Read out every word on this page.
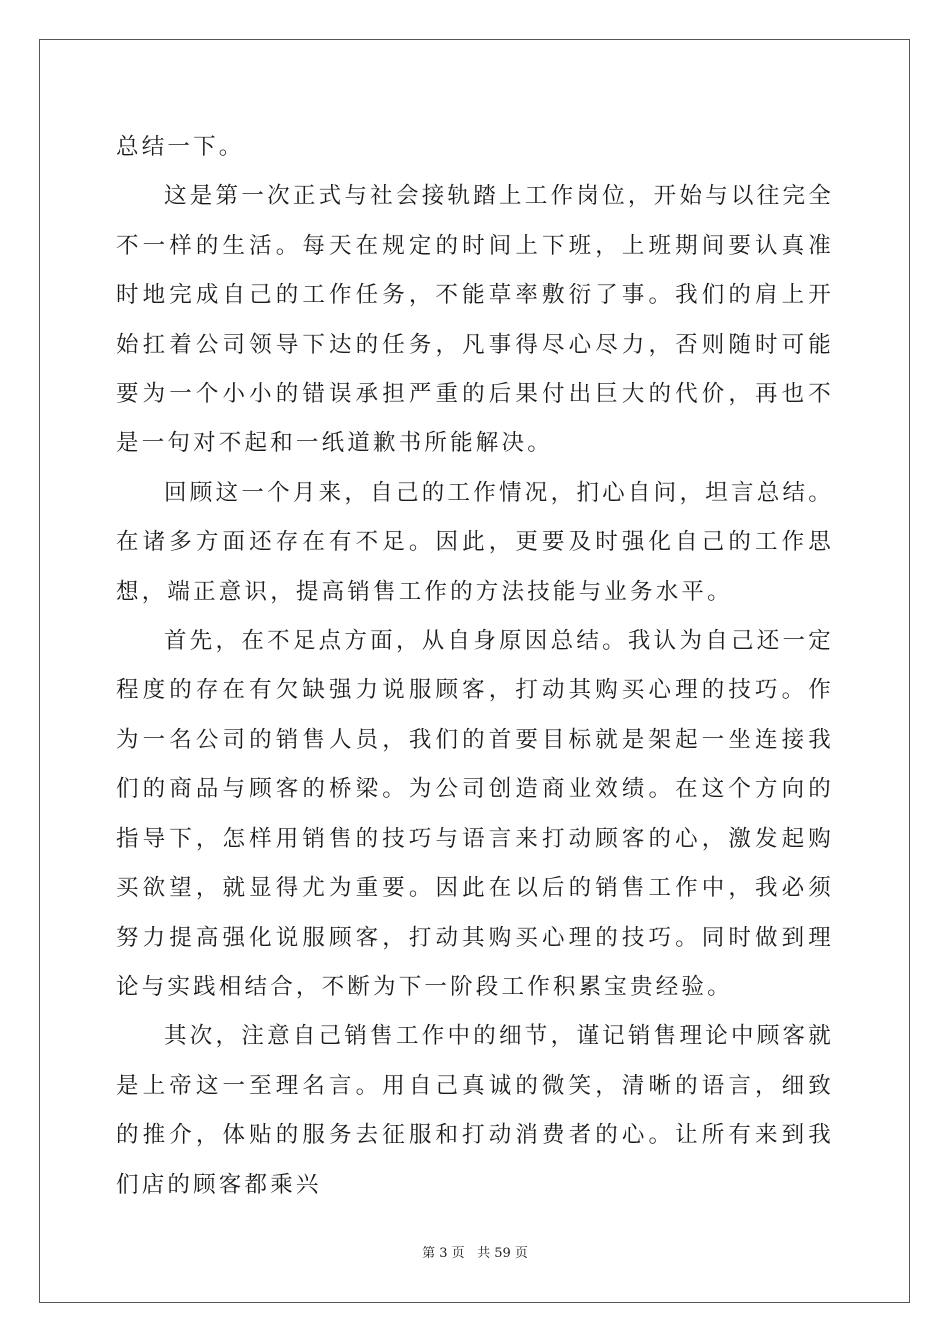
总结一下。

这是第一次正式与社会接轨踏上工作岗位，开始与以往完全不一样的生活。每天在规定的时间上下班，上班期间要认真准时地完成自己的工作任务，不能草率敷衍了事。我们的肩上开始扛着公司领导下达的任务，凡事得尽心尽力，否则随时可能要为一个小小的错误承担严重的后果付出巨大的代价，再也不是一句对不起和一纸道歉书所能解决。

回顾这一个月来，自己的工作情况，扪心自问，坦言总结。在诸多方面还存在有不足。因此，更要及时强化自己的工作思想，端正意识，提高销售工作的方法技能与业务水平。

首先，在不足点方面，从自身原因总结。我认为自己还一定程度的存在有欠缺强力说服顾客，打动其购买心理的技巧。作为一名公司的销售人员，我们的首要目标就是架起一坐连接我们的商品与顾客的桥梁。为公司创造商业效绩。在这个方向的指导下，怎样用销售的技巧与语言来打动顾客的心，激发起购买欲望，就显得尤为重要。因此在以后的销售工作中，我必须努力提高强化说服顾客，打动其购买心理的技巧。同时做到理论与实践相结合，不断为下一阶段工作积累宝贵经验。

其次，注意自己销售工作中的细节，谨记销售理论中顾客就是上帝这一至理名言。用自己真诚的微笑，清晰的语言，细致的推介，体贴的服务去征服和打动消费者的心。让所有来到我们店的顾客都乘兴

第 3 页 共 59 页
